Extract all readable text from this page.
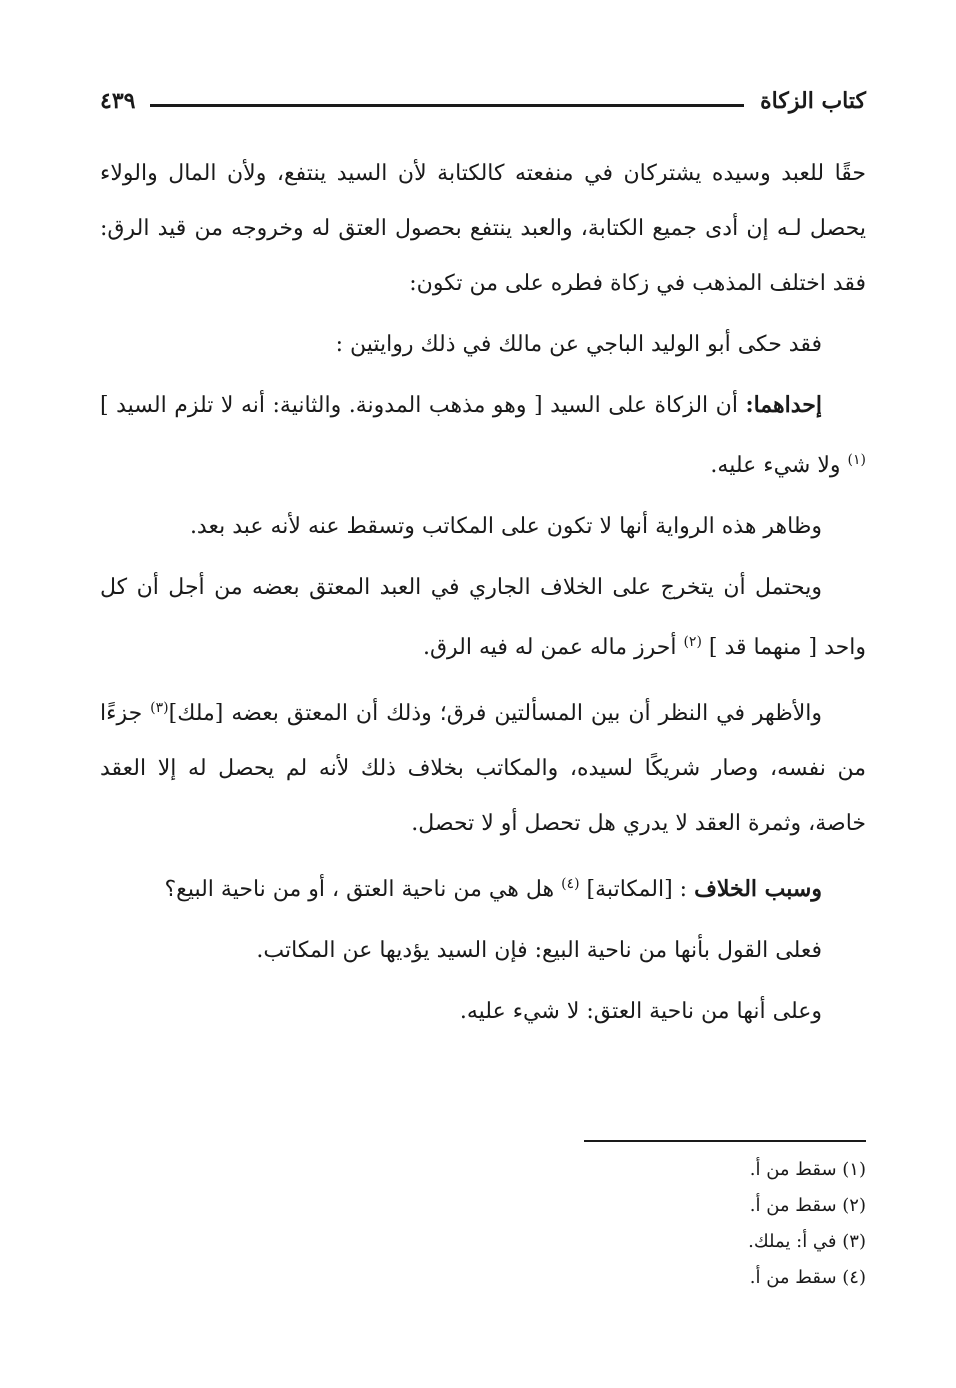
كتاب الزكاة
٤٣٩

حقًا للعبد وسيده يشتركان في منفعته كالكتابة لأن السيد ينتفع، ولأن المال والولاء يحصل لـه إن أدى جميع الكتابة، والعبد ينتفع بحصول العتق له وخروجه من قيد الرق: فقد اختلف المذهب في زكاة فطره على من تكون:

فقد حكى أبو الوليد الباجي عن مالك في ذلك روايتين :

إحداهما: أن الزكاة على السيد [ وهو مذهب المدونة. والثانية: أنه لا تلزم السيد ] $^{(١)}$ ولا شيء عليه.

وظاهر هذه الرواية أنها لا تكون على المكاتب وتسقط عنه لأنه عبد بعد.

ويحتمل أن يتخرج على الخلاف الجاري في العبد المعتق بعضه من أجل أن كل واحد [ منهما قد ] $^{(٢)}$ أحرز ماله عمن له فيه الرق.

والأظهر في النظر أن بين المسألتين فرق؛ وذلك أن المعتق بعضه [ملك]$^{(٣)}$ جزءًا من نفسه، وصار شريكًا لسيده، والمكاتب بخلاف ذلك لأنه لم يحصل له إلا العقد خاصة، وثمرة العقد لا يدري هل تحصل أو لا تحصل.

وسبب الخلاف : [المكاتبة] $^{(٤)}$ هل هي من ناحية العتق ، أو من ناحية البيع؟

فعلى القول بأنها من ناحية البيع: فإن السيد يؤديها عن المكاتب.

وعلى أنها من ناحية العتق: لا شيء عليه.

(١) سقط من أ.
(٢) سقط من أ.
(٣) في أ: يملك.
(٤) سقط من أ.
